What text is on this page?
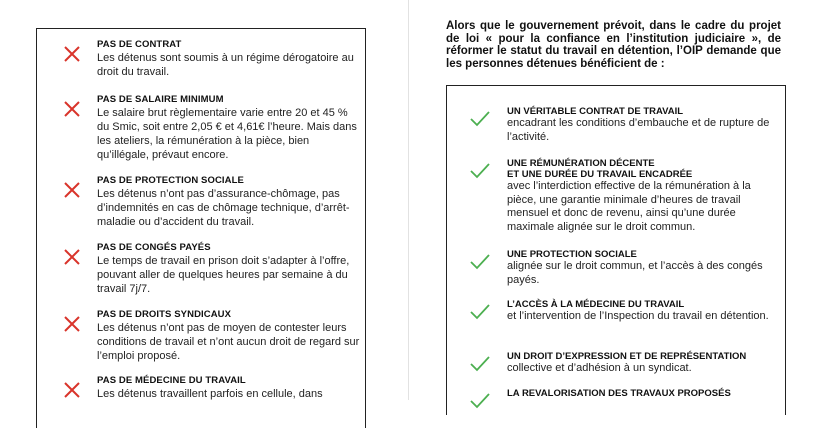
PAS DE CONTRAT
Les détenus sont soumis à un régime dérogatoire au droit du travail.
PAS DE SALAIRE MINIMUM
Le salaire brut règlementaire varie entre 20 et 45 % du Smic, soit entre 2,05 € et 4,61€ l’heure. Mais dans les ateliers, la rémunération à la pièce, bien qu’illégale, prévaut encore.
PAS DE PROTECTION SOCIALE
Les détenus n’ont pas d’assurance-chômage, pas d’indemnités en cas de chômage technique, d’arrêt-maladie ou d’accident du travail.
PAS DE CONGÉS PAYÉS
Le temps de travail en prison doit s’adapter à l’offre, pouvant aller de quelques heures par semaine à du travail 7j/7.
PAS DE DROITS SYNDICAUX
Les détenus n’ont pas de moyen de contester leurs conditions de travail et n’ont aucun droit de regard sur l’emploi proposé.
PAS DE MÉDECINE DU TRAVAIL
Les détenus travaillent parfois en cellule, dans
Alors que le gouvernement prévoit, dans le cadre du projet de loi « pour la confiance en l’institution judiciaire », de réformer le statut du travail en détention, l’OIP demande que les personnes détenues bénéficient de :
UN VÉRITABLE CONTRAT DE TRAVAIL
encadrant les conditions d’embauche et de rupture de l’activité.
UNE RÉMUNÉRATION DÉCENTE
ET UNE DURÉE DU TRAVAIL ENCADRÉE
avec l’interdiction effective de la rémunération à la pièce, une garantie minimale d’heures de travail mensuel et donc de revenu, ainsi qu’une durée maximale alignée sur le droit commun.
UNE PROTECTION SOCIALE
alignée sur le droit commun, et l’accès à des congés payés.
L’ACCÈS À LA MÉDECINE DU TRAVAIL
et l’intervention de l’Inspection du travail en détention.
UN DROIT D’EXPRESSION ET DE REPRÉSENTATION
collective et d’adhésion à un syndicat.
LA REVALORISATION DES TRAVAUX PROPOSÉS
